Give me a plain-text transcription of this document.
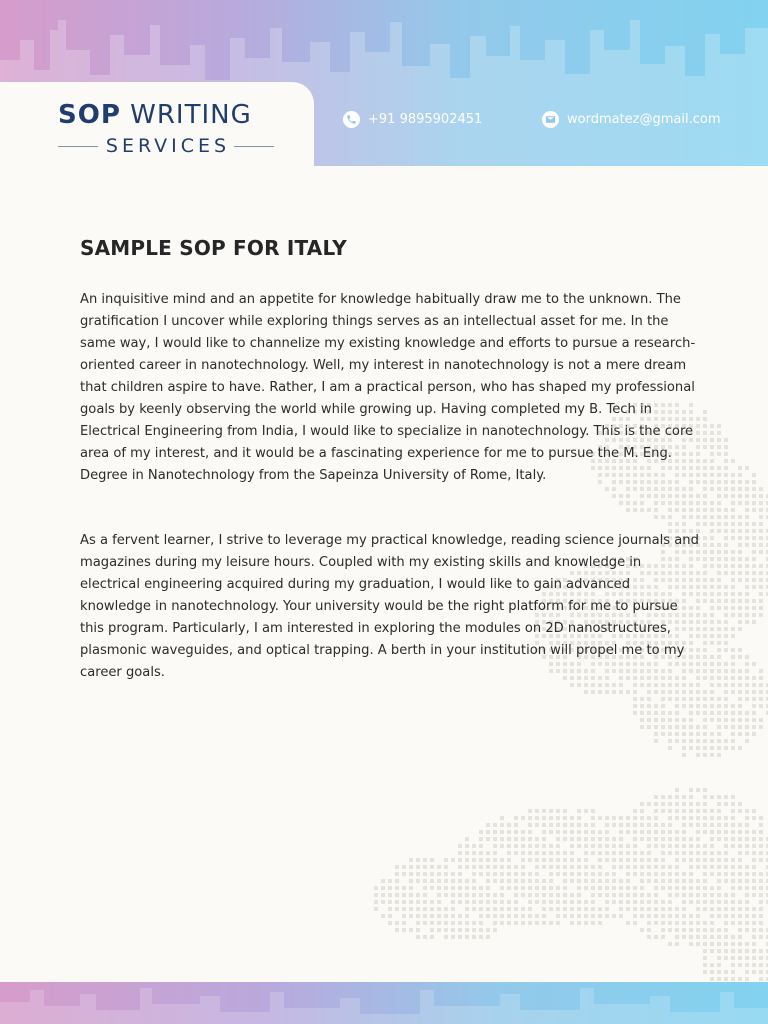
SOP WRITING
SERVICES
+91 9895902451	wordmatez@gmail.com
SAMPLE SOP FOR ITALY

An inquisitive mind and an appetite for knowledge habitually draw me to the unknown. The gratification I uncover while exploring things serves as an intellectual asset for me. In the same way, I would like to channelize my existing knowledge and efforts to pursue a research-oriented career in nanotechnology. Well, my interest in nanotechnology is not a mere dream that children aspire to have. Rather, I am a practical person, who has shaped my professional goals by keenly observing the world while growing up. Having completed my B. Tech in Electrical Engineering from India, I would like to specialize in nanotechnology. This is the core area of my interest, and it would be a fascinating experience for me to pursue the M. Eng. Degree in Nanotechnology from the Sapeinza University of Rome, Italy.

As a fervent learner, I strive to leverage my practical knowledge, reading science journals and magazines during my leisure hours. Coupled with my existing skills and knowledge in electrical engineering acquired during my graduation, I would like to gain advanced knowledge in nanotechnology. Your university would be the right platform for me to pursue this program. Particularly, I am interested in exploring the modules on 2D nanostructures, plasmonic waveguides, and optical trapping. A berth in your institution will propel me to my career goals.
